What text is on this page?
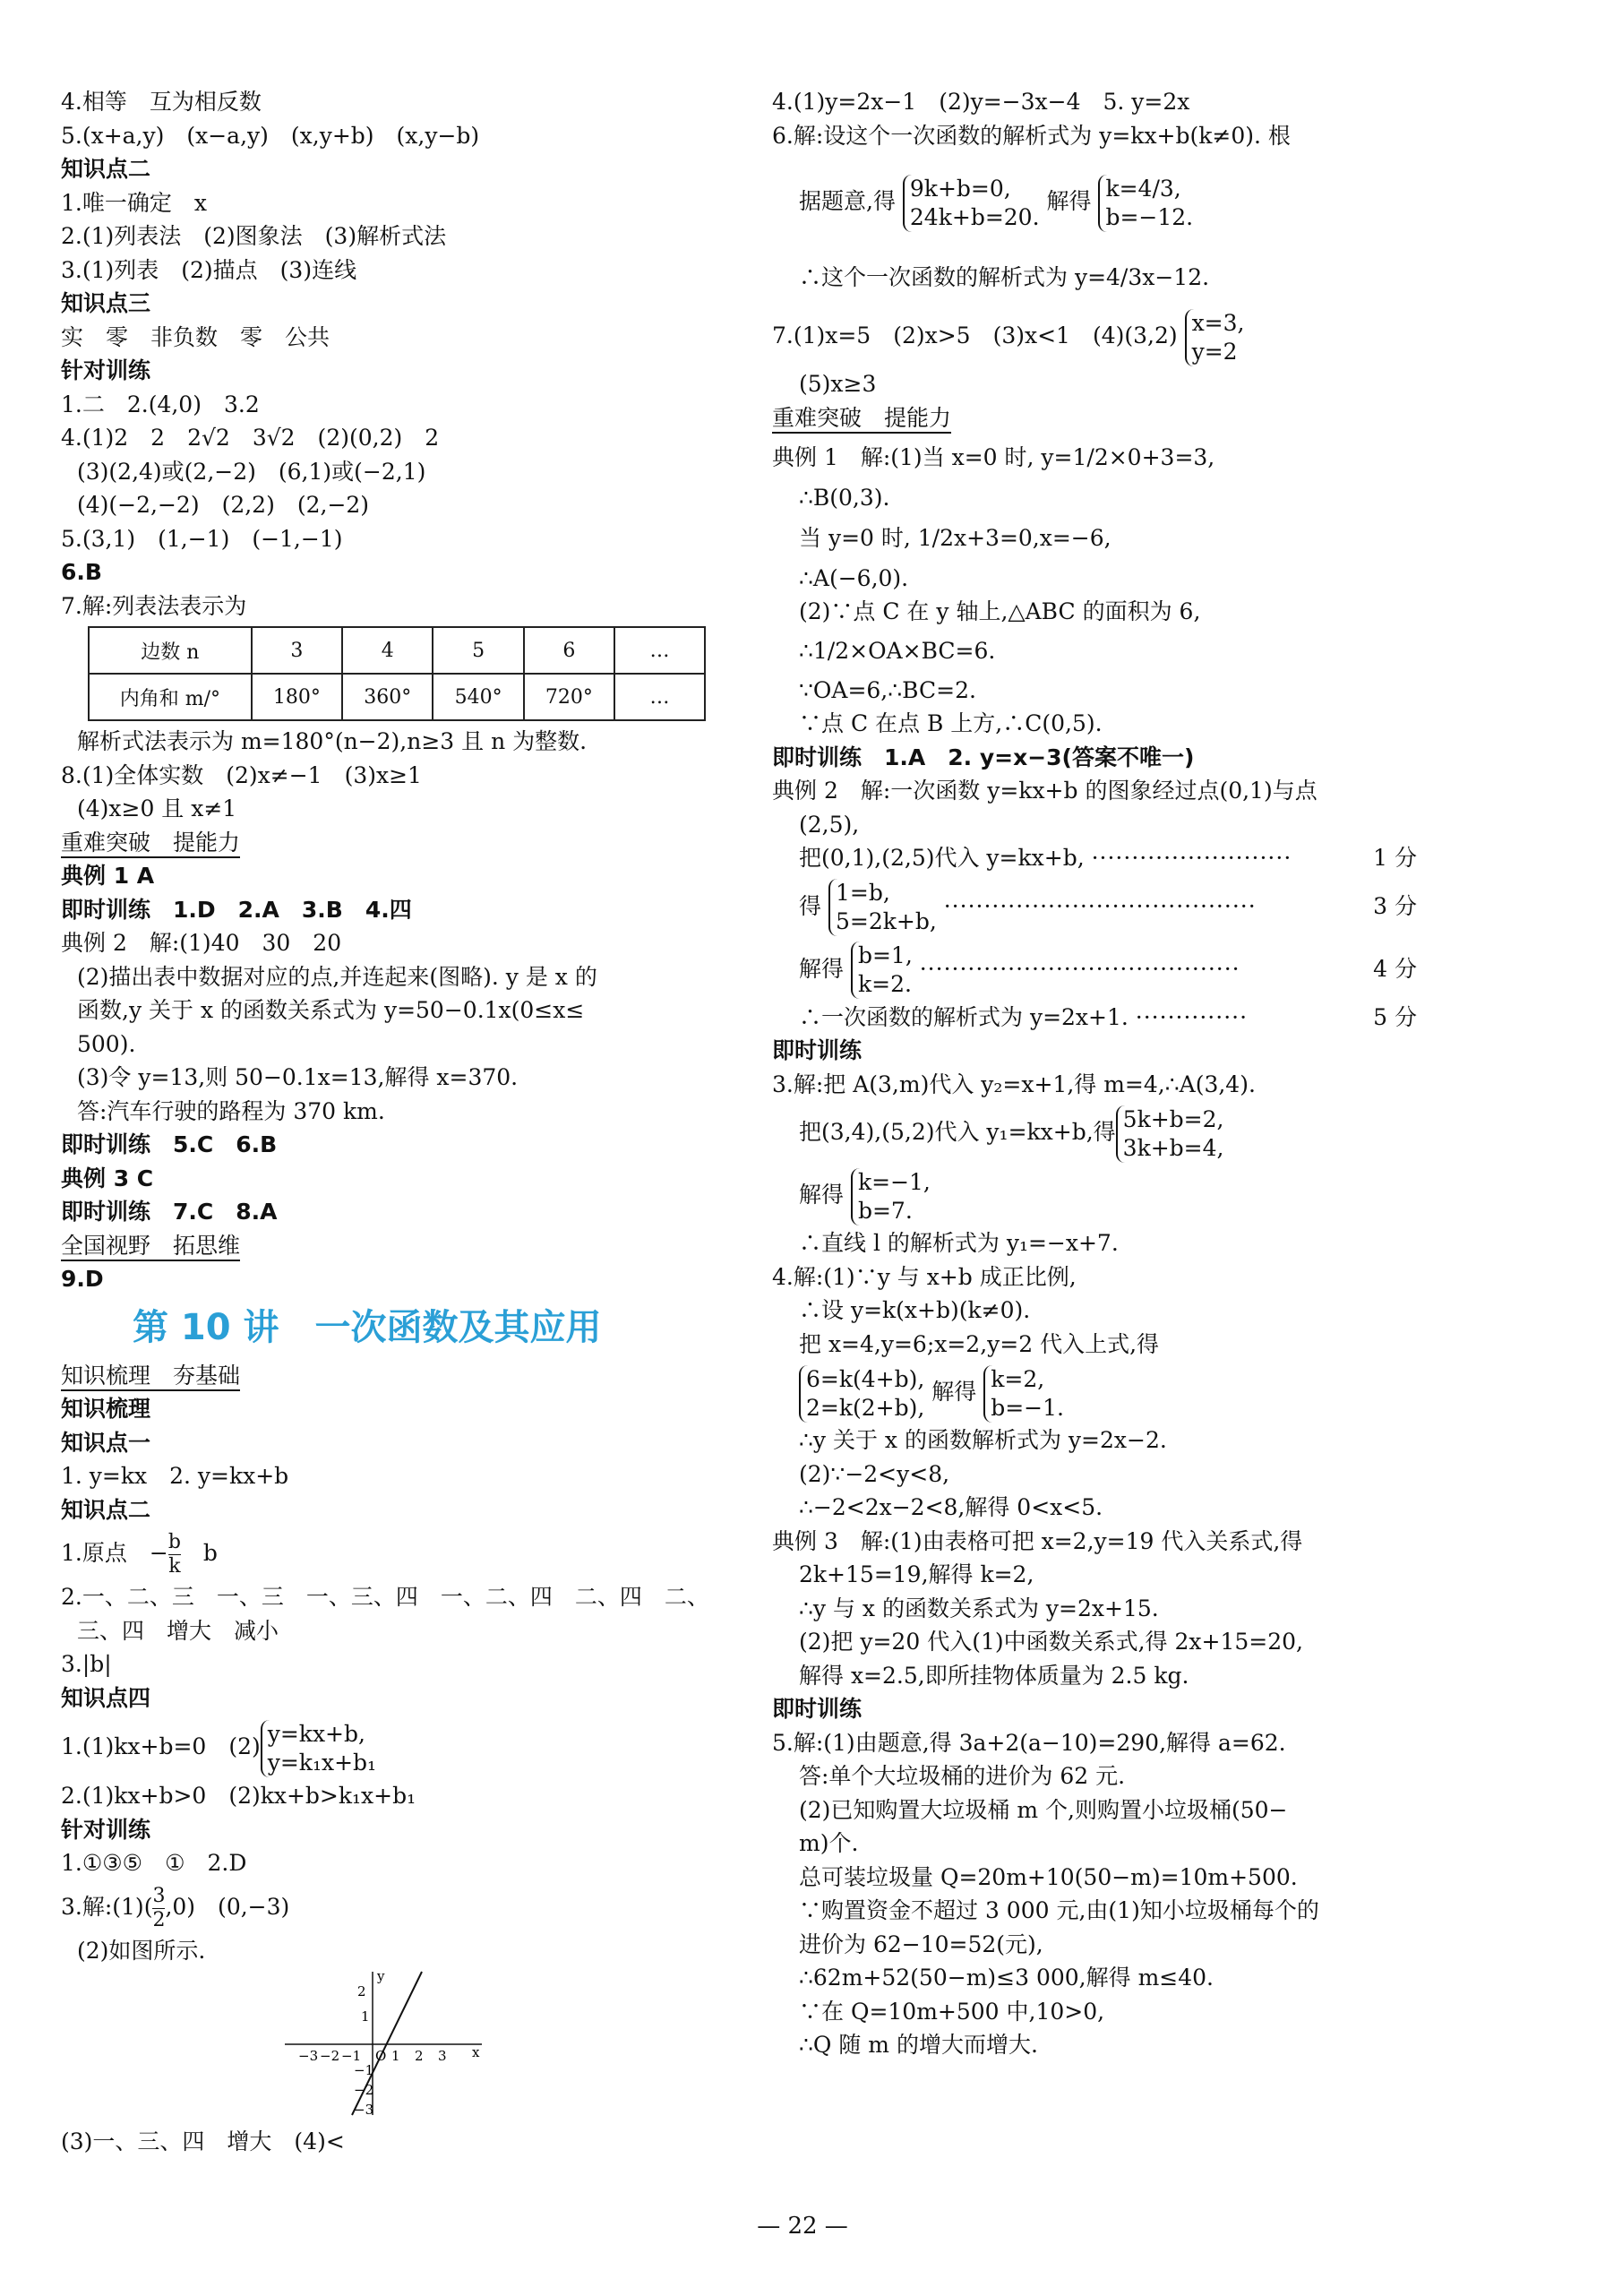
4.相等　互为相反数
5.(x+a,y)　(x−a,y)　(x,y+b)　(x,y−b)
知识点二
1.唯一确定　x
2.(1)列表法　(2)图象法　(3)解析式法
3.(1)列表　(2)描点　(3)连线
知识点三
实　零　非负数　零　公共
针对训练
1.二　2.(4,0)　3.2
4.(1)2　2　2√2　3√2　(2)(0,2)　2
(3)(2,4)或(2,−2)　(6,1)或(−2,1)
(4)(−2,−2)　(2,2)　(2,−2)
5.(3,1)　(1,−1)　(−1,−1)
6.B
7.解:列表法表示为
边数 n	3	4	5	6	…
内角和 m/°	180°	360°	540°	720°	…
解析式法表示为 m=180°(n−2),n≥3 且 n 为整数.
8.(1)全体实数　(2)x≠−1　(3)x≥1
(4)x≥0 且 x≠1
重难突破　提能力
典例 1 A
即时训练　1.D　2.A　3.B　4.四
典例 2　解:(1)40　30　20
(2)描出表中数据对应的点,并连起来(图略). y 是 x 的
函数,y 关于 x 的函数关系式为 y=50−0.1x(0≤x≤
500).
(3)令 y=13,则 50−0.1x=13,解得 x=370.
答:汽车行驶的路程为 370 km.
即时训练　5.C　6.B
典例 3 C
即时训练　7.C　8.A
全国视野　拓思维
9.D
第 10 讲　一次函数及其应用
知识梳理　夯基础
知识梳理
知识点一
1. y=kx　2. y=kx+b
知识点二
1.原点　− $\frac{b}{k}$ 　b
2.一、二、三　一、三　一、三、四　一、二、四　二、四　二、
三、四　增大　减小
3.|b|
知识点四
1.(1)kx+b=0　(2) y=kx+b,
y=k₁x+b₁
2.(1)kx+b>0　(2)kx+b>k₁x+b₁
针对训练
1.①③⑤　①　2.D
3.解:(1)( $\frac{3}{2} ,0$)　(0,−3)
(2)如图所示.
2
1
−3 −2 −1 O 1 2 3 x
y
−1
−2
−3
(3)一、三、四　增大　(4)<
4.(1)y=2x−1　(2)y=−3x−4　5. y=2x
6.解:设这个一次函数的解析式为 y=kx+b(k≠0). 根
据题意,得 9k+b=0,
24k+b=20.
解得 k=4/3,
b=−12.
∴这个一次函数的解析式为 y=4/3x−12.
7.(1)x=5　(2)x>5　(3)x<1　(4)(3,2) x=3,
y=2
(5)x≥3
重难突破　提能力
典例 1　解:(1)当 x=0 时, y=1/2×0+3=3,
∴B(0,3).
当 y=0 时, 1/2x+3=0,x=−6,
∴A(−6,0).
(2)∵点 C 在 y 轴上,△ABC 的面积为 6,
∴1/2×OA×BC=6.
∵OA=6,∴BC=2.
∵点 C 在点 B 上方,∴C(0,5).
即时训练　1.A　2. y=x−3(答案不唯一)
典例 2　解:一次函数 y=kx+b 的图象经过点(0,1)与点
(2,5),
把(0,1),(2,5)代入 y=kx+b, ·························	1 分
得 1=b,
5=2k+b,
·······································	3 分
解得 b=1,
k=2.
········································	4 分
∴一次函数的解析式为 y=2x+1. ··············	5 分
即时训练
3.解:把 A(3,m)代入 y₂=x+1,得 m=4,∴A(3,4).
把(3,4),(5,2)代入 y₁=kx+b,得 5k+b=2,
3k+b=4,
解得 k=−1,
b=7.
∴直线 l 的解析式为 y₁=−x+7.
4.解:(1)∵y 与 x+b 成正比例,
∴设 y=k(x+b)(k≠0).
把 x=4,y=6;x=2,y=2 代入上式,得
6=k(4+b),
2=k(2+b),
解得 k=2,
b=−1.
∴y 关于 x 的函数解析式为 y=2x−2.
(2)∵−2<y<8,
∴−2<2x−2<8,解得 0<x<5.
典例 3　解:(1)由表格可把 x=2,y=19 代入关系式,得
2k+15=19,解得 k=2,
∴y 与 x 的函数关系式为 y=2x+15.
(2)把 y=20 代入(1)中函数关系式,得 2x+15=20,
解得 x=2.5,即所挂物体质量为 2.5 kg.
即时训练
5.解:(1)由题意,得 3a+2(a−10)=290,解得 a=62.
答:单个大垃圾桶的进价为 62 元.
(2)已知购置大垃圾桶 m 个,则购置小垃圾桶(50−
m)个.
总可装垃圾量 Q=20m+10(50−m)=10m+500.
∵购置资金不超过 3 000 元,由(1)知小垃圾桶每个的
进价为 62−10=52(元),
∴62m+52(50−m)≤3 000,解得 m≤40.
∵在 Q=10m+500 中,10>0,
∴Q 随 m 的增大而增大.
— 22 —
